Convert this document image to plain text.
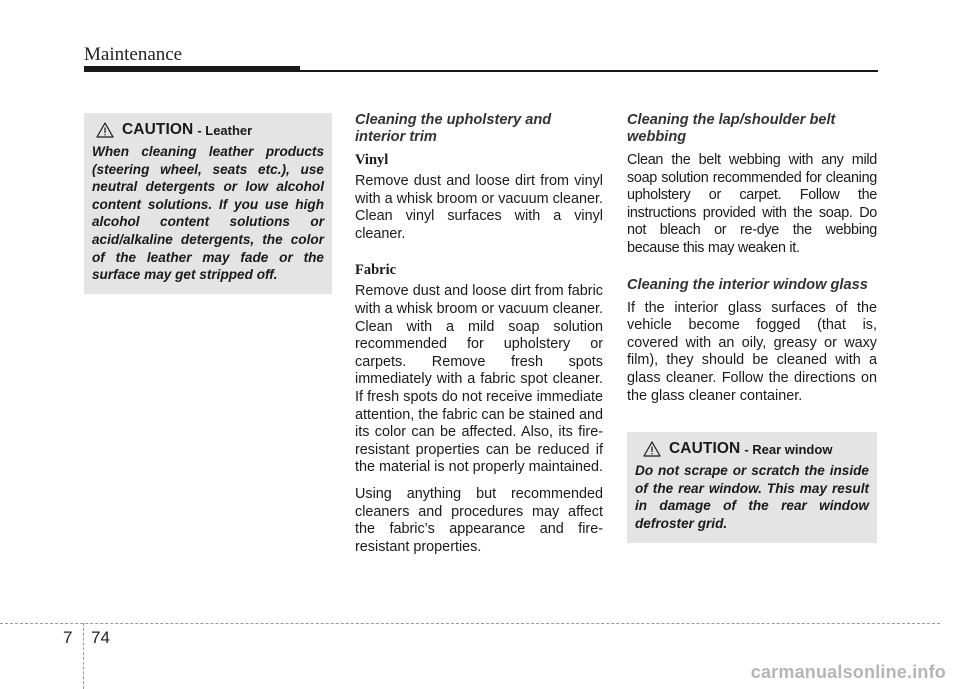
Maintenance
CAUTION - Leather
When cleaning leather products (steering wheel, seats etc.), use neutral detergents or low alcohol content solutions. If you use high alcohol content solutions or acid/alkaline detergents, the color of the leather may fade or the surface may get stripped off.
Cleaning the upholstery and interior trim
Vinyl

Remove dust and loose dirt from vinyl with a whisk broom or vacuum cleaner. Clean vinyl surfaces with a vinyl cleaner.

Fabric

Remove dust and loose dirt from fabric with a whisk broom or vacuum cleaner. Clean with a mild soap solution recommended for upholstery or carpets. Remove fresh spots immediately with a fabric spot cleaner. If fresh spots do not receive immediate attention, the fabric can be stained and its color can be affected. Also, its fire-resistant properties can be reduced if the material is not properly maintained.

Using anything but recommended cleaners and procedures may affect the fabric’s appearance and fire-resistant properties.

Cleaning the lap/shoulder belt webbing

Clean the belt webbing with any mild soap solution recommended for cleaning upholstery or carpet. Follow the instructions provided with the soap. Do not bleach or re-dye the webbing because this may weaken it.

Cleaning the interior window glass

If the interior glass surfaces of the vehicle become fogged (that is, covered with an oily, greasy or waxy film), they should be cleaned with a glass cleaner. Follow the directions on the glass cleaner container.

CAUTION - Rear window
Do not scrape or scratch the inside of the rear window. This may result in damage of the rear window defroster grid.
7 74
carmanualsonline.info
